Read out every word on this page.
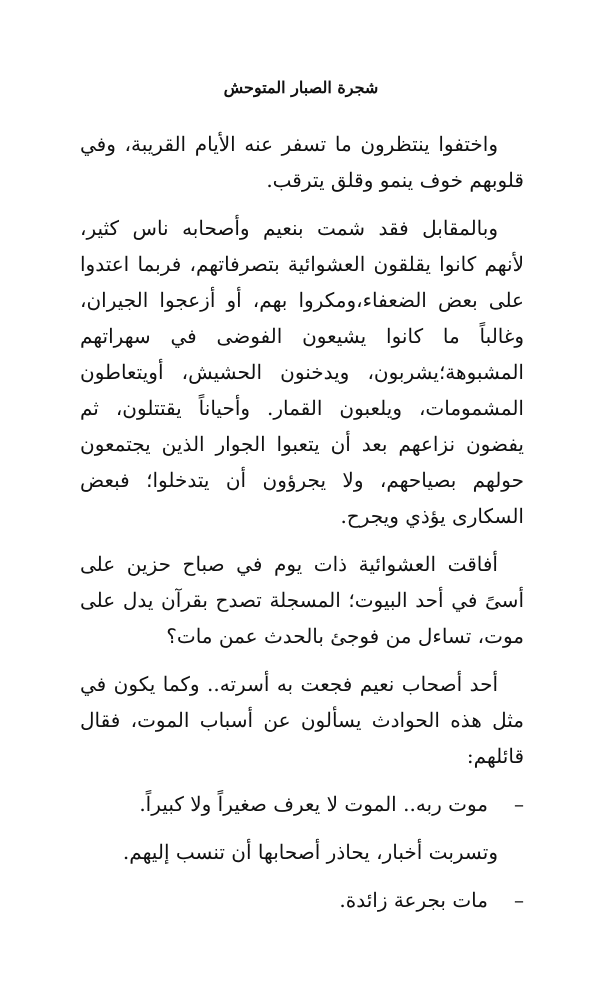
شجرة الصبار المتوحش

واختفوا ينتظرون ما تسفر عنه الأيام القريبة، وفي قلوبهم خوف ينمو وقلق يترقب.

وبالمقابل فقد شمت بنعيم وأصحابه ناس كثير، لأنهم كانوا يقلقون العشوائية بتصرفاتهم، فربما اعتدوا على بعض الضعفاء،ومكروا بهم، أو أزعجوا الجيران، وغالباً ما كانوا يشيعون الفوضى في سهراتهم المشبوهة؛يشربون، ويدخنون الحشيش، أويتعاطون المشمومات، ويلعبون القمار. وأحياناً يقتتلون، ثم يفضون نزاعهم بعد أن يتعبوا الجوار الذين يجتمعون حولهم بصياحهم، ولا يجرؤون أن يتدخلوا؛ فبعض السكارى يؤذي ويجرح.

أفاقت العشوائية ذات يوم في صباح حزين على أسىً في أحد البيوت؛ المسجلة تصدح بقرآن يدل على موت، تساءل من فوجئ بالحدث عمن مات؟

أحد أصحاب نعيم فجعت به أسرته.. وكما يكون في مثل هذه الحوادث يسألون عن أسباب الموت، فقال قائلهم:

–
موت ربه.. الموت لا يعرف صغيراً ولا كبيراً.

وتسربت أخبار، يحاذر أصحابها أن تنسب إليهم.

–
مات بجرعة زائدة.
